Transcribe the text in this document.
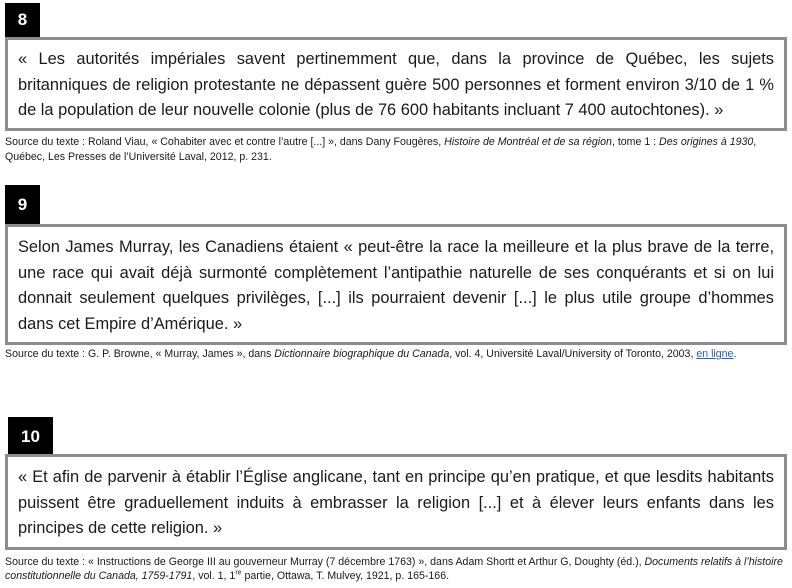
8

« Les autorités impériales savent pertinemment que, dans la province de Québec, les sujets britanniques de religion protestante ne dépassent guère 500 personnes et forment environ 3/10 de 1 % de la population de leur nouvelle colonie (plus de 76 600 habitants incluant 7 400 autochtones). »

Source du texte : Roland Viau, « Cohabiter avec et contre l’autre [...] », dans Dany Fougères, Histoire de Montréal et de sa région, tome 1 : Des origines à 1930, Québec, Les Presses de l’Université Laval, 2012, p. 231.
9

Selon James Murray, les Canadiens étaient « peut-être la race la meilleure et la plus brave de la terre, une race qui avait déjà surmonté complètement l’antipathie naturelle de ses conquérants et si on lui donnait seulement quelques privilèges, [...] ils pourraient devenir [...] le plus utile groupe d’hommes dans cet Empire d’Amérique. »

Source du texte : G. P. Browne, « Murray, James », dans Dictionnaire biographique du Canada, vol. 4, Université Laval/University of Toronto, 2003, en ligne.
10

« Et afin de parvenir à établir l’Église anglicane, tant en principe qu’en pratique, et que lesdits habitants puissent être graduellement induits à embrasser la religion [...] et à élever leurs enfants dans les principes de cette religion. »

Source du texte : « Instructions de George III au gouverneur Murray (7 décembre 1763) », dans Adam Shortt et Arthur G, Doughty (éd.), Documents relatifs à l’histoire constitutionnelle du Canada, 1759-1791, vol. 1, 1re partie, Ottawa, T. Mulvey, 1921, p. 165-166.
